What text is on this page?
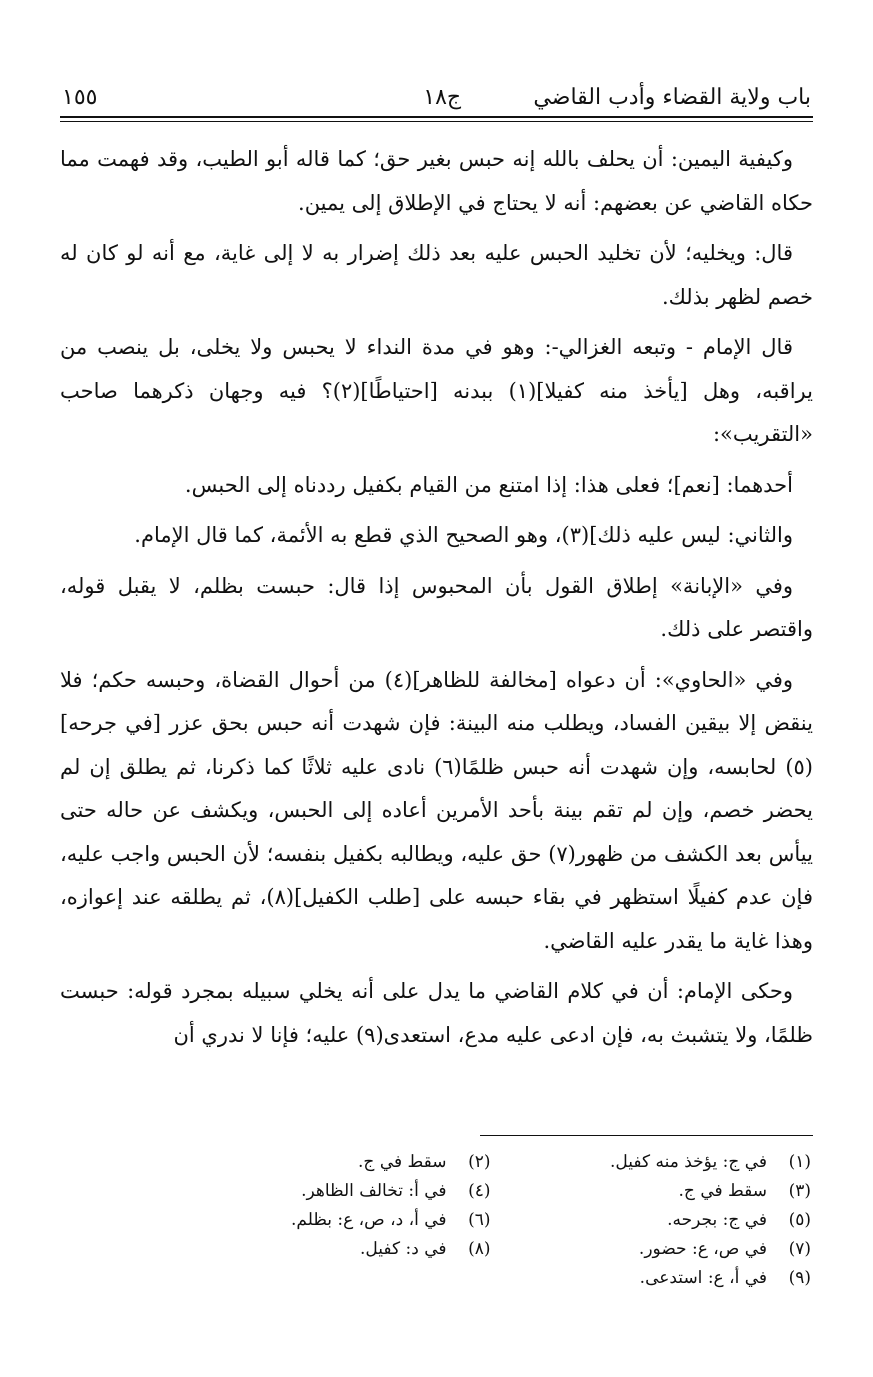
باب ولاية القضاء وأدب القاضي
ج١٨
١٥٥

وكيفية اليمين: أن يحلف بالله إنه حبس بغير حق؛ كما قاله أبو الطيب، وقد فهمت مما حكاه القاضي عن بعضهم: أنه لا يحتاج في الإطلاق إلى يمين.

قال: ويخليه؛ لأن تخليد الحبس عليه بعد ذلك إضرار به لا إلى غاية، مع أنه لو كان له خصم لظهر بذلك.

قال الإمام - وتبعه الغزالي-: وهو في مدة النداء لا يحبس ولا يخلى، بل ينصب من يراقبه، وهل [يأخذ منه كفيلا](١) ببدنه [احتياطًا](٢)؟ فيه وجهان ذكرهما صاحب «التقريب»:

أحدهما: [نعم]؛ فعلى هذا: إذا امتنع من القيام بكفيل رددناه إلى الحبس.

والثاني: ليس عليه ذلك](٣)، وهو الصحيح الذي قطع به الأئمة، كما قال الإمام.

وفي «الإبانة» إطلاق القول بأن المحبوس إذا قال: حبست بظلم، لا يقبل قوله، واقتصر على ذلك.

وفي «الحاوي»: أن دعواه [مخالفة للظاهر](٤) من أحوال القضاة، وحبسه حكم؛ فلا ينقض إلا بيقين الفساد، ويطلب منه البينة: فإن شهدت أنه حبس بحق عزر [في جرحه](٥) لحابسه، وإن شهدت أنه حبس ظلمًا(٦) نادى عليه ثلاثًا كما ذكرنا، ثم يطلق إن لم يحضر خصم، وإن لم تقم بينة بأحد الأمرين أعاده إلى الحبس، ويكشف عن حاله حتى ييأس بعد الكشف من ظهور(٧) حق عليه، ويطالبه بكفيل بنفسه؛ لأن الحبس واجب عليه، فإن عدم كفيلًا استظهر في بقاء حبسه على [طلب الكفيل](٨)، ثم يطلقه عند إعوازه، وهذا غاية ما يقدر عليه القاضي.

وحكى الإمام: أن في كلام القاضي ما يدل على أنه يخلي سبيله بمجرد قوله: حبست ظلمًا، ولا يتشبث به، فإن ادعى عليه مدع، استعدى(٩) عليه؛ فإنا لا ندري أن

(١)
في ج: يؤخذ منه كفيل.
(٢)
سقط في ج.
(٣)
سقط في ج.
(٤)
في أ: تخالف الظاهر.
(٥)
في ج: بجرحه.
(٦)
في أ، د، ص، ع: بظلم.
(٧)
في ص، ع: حضور.
(٨)
في د: كفيل.
(٩)
في أ، ع: استدعى.
